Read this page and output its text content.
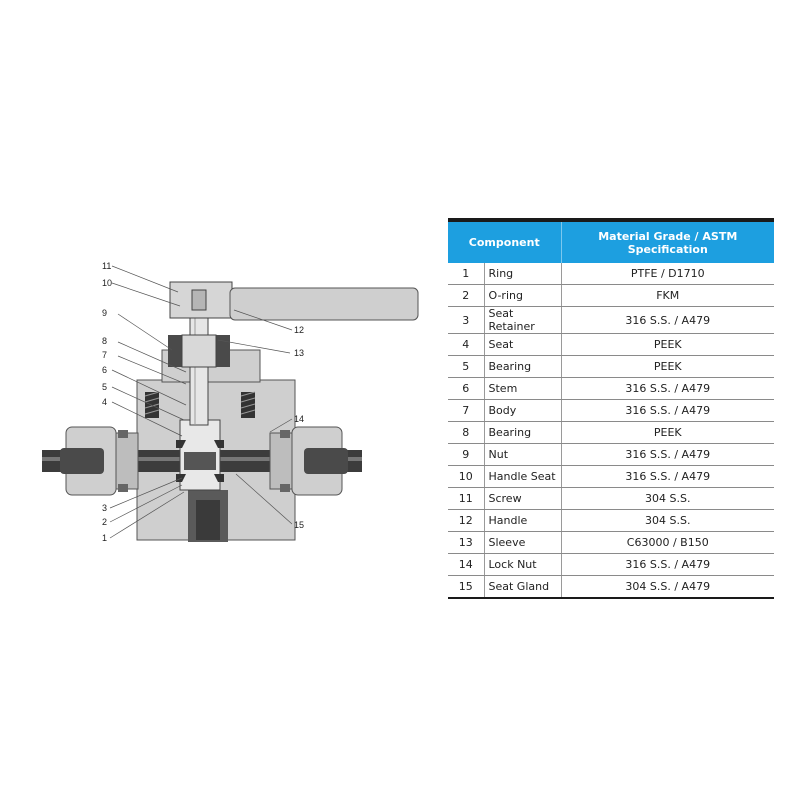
11
10
9
8
7
6
5
4
12
13
14
15
3
2
1
Component		Material Grade / ASTM Specification
1	Ring	PTFE / D1710
2	O-ring	FKM
3	Seat Retainer	316 S.S. / A479
4	Seat	PEEK
5	Bearing	PEEK
6	Stem	316 S.S. / A479
7	Body	316 S.S. / A479
8	Bearing	PEEK
9	Nut	316 S.S. / A479
10	Handle Seat	316 S.S. / A479
11	Screw	304 S.S.
12	Handle	304 S.S.
13	Sleeve	C63000 / B150
14	Lock Nut	316 S.S. / A479
15	Seat Gland	304 S.S. / A479
